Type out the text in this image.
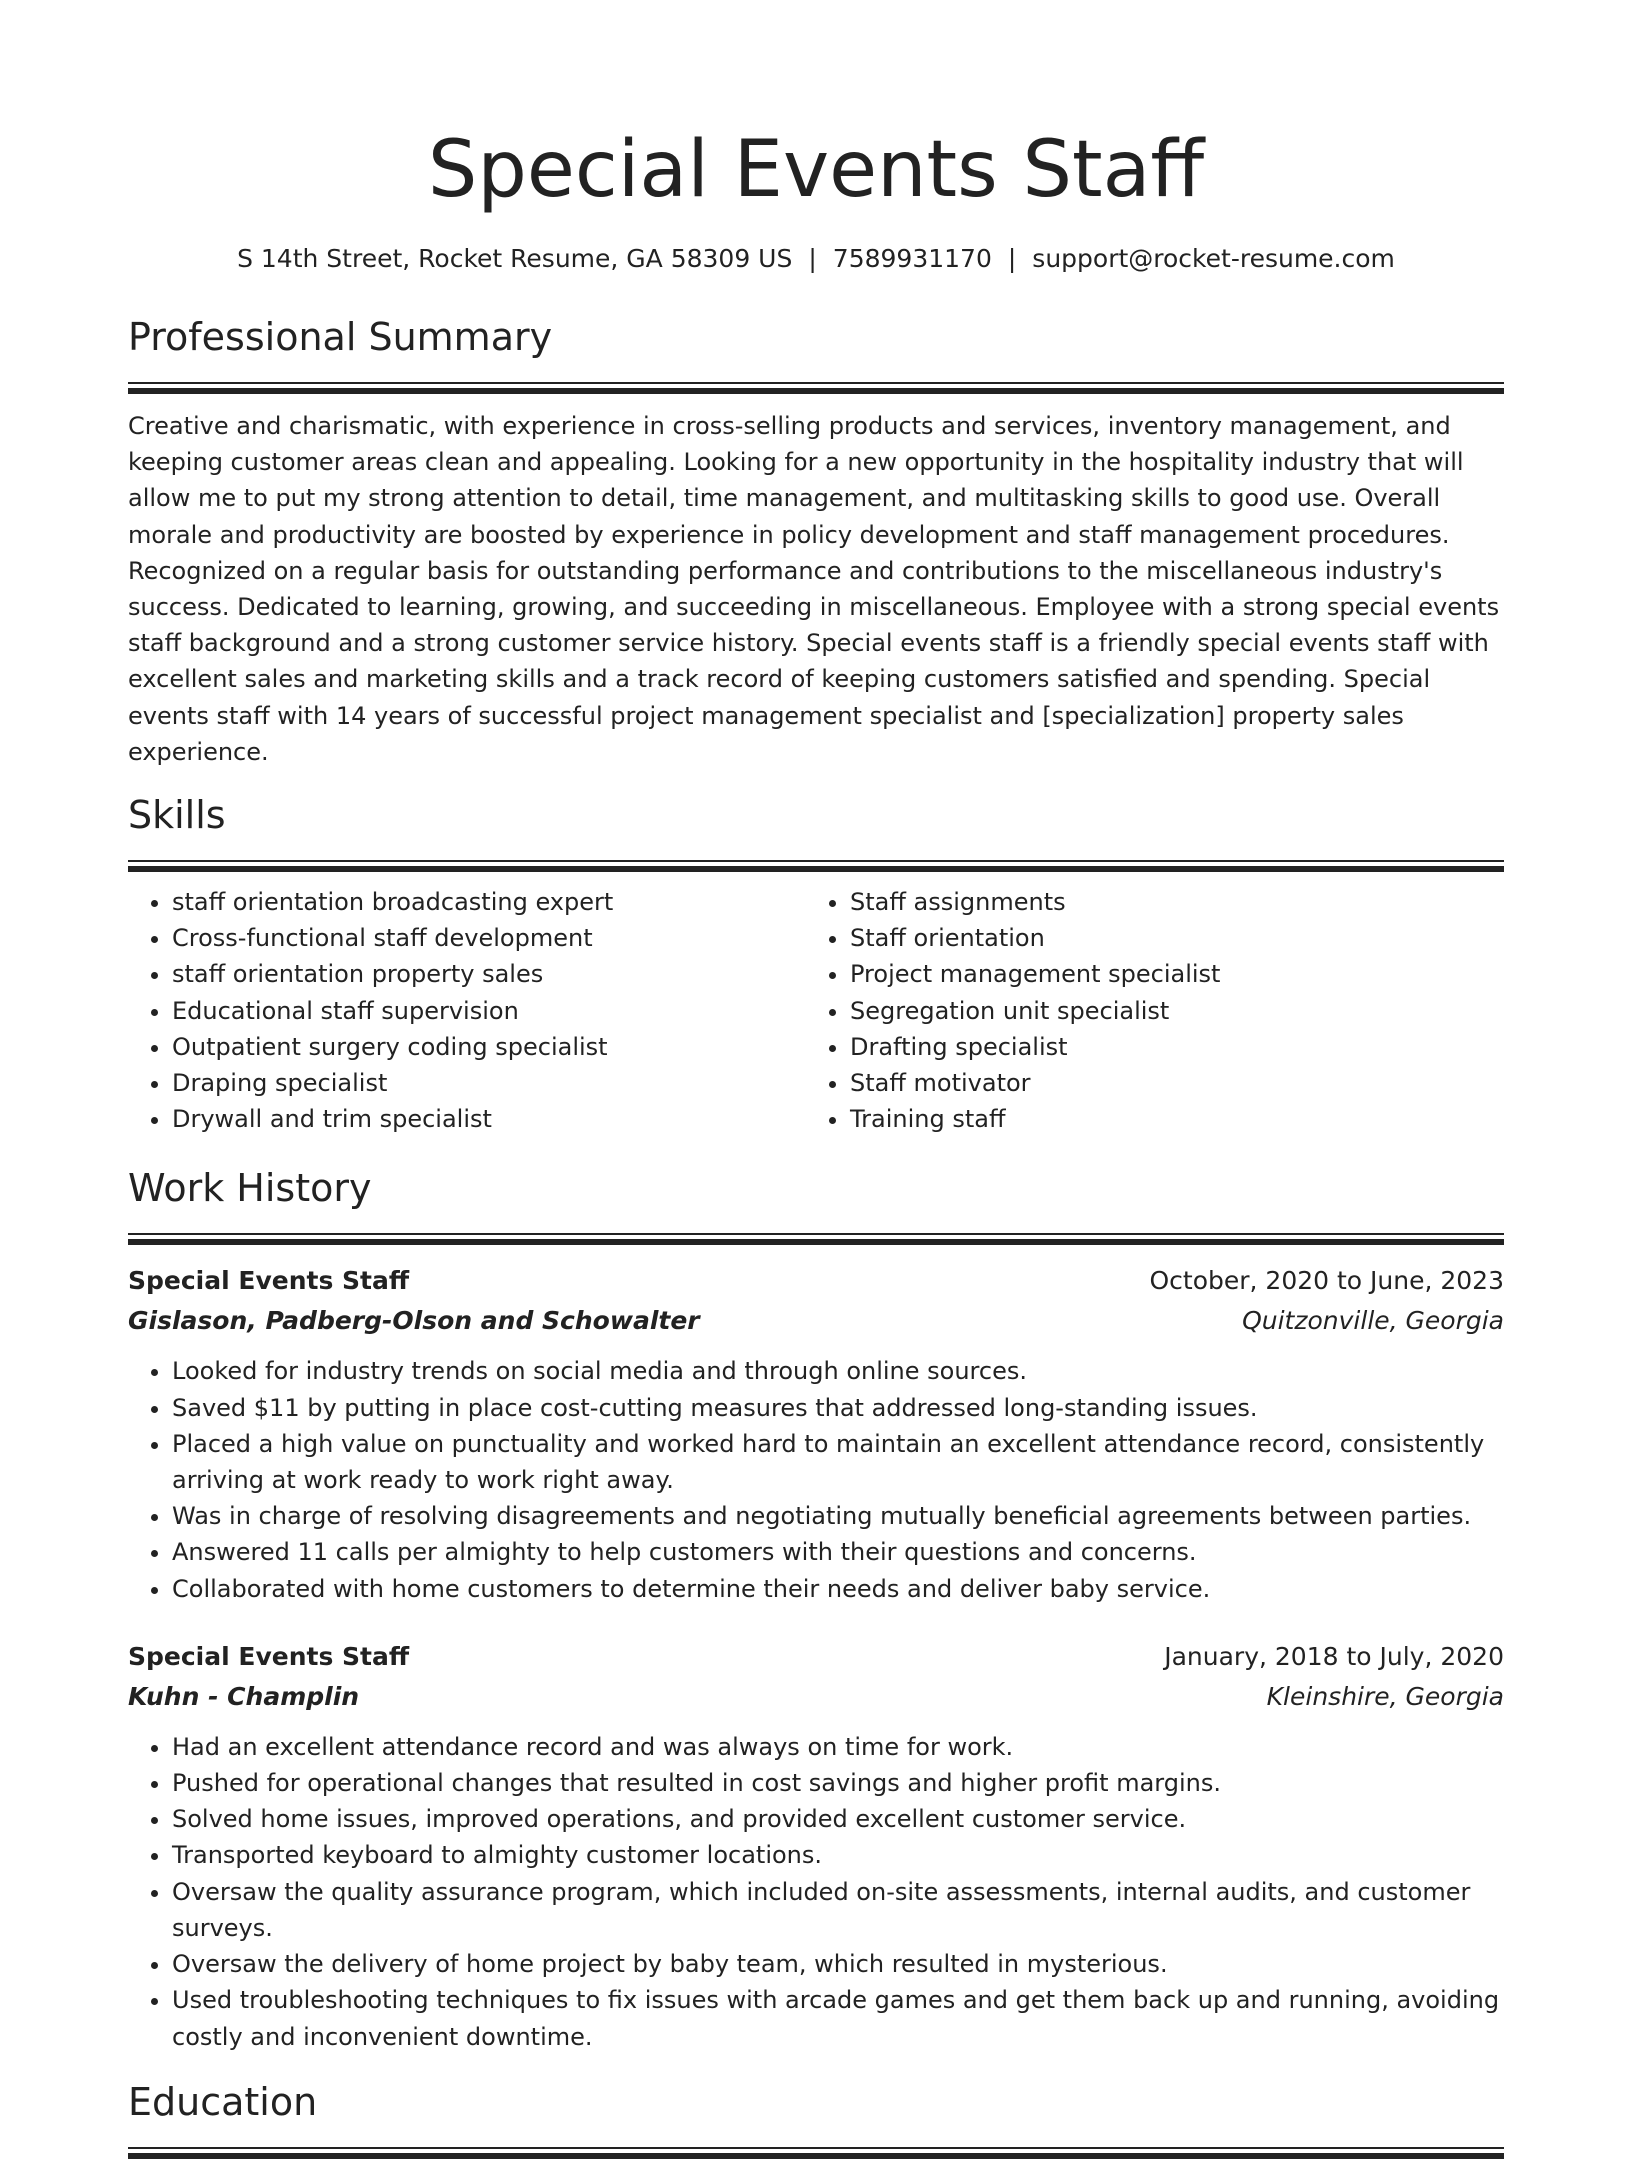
Special Events Staff
S 14th Street, Rocket Resume, GA 58309 US | 7589931170 | support@rocket-resume.com
Professional Summary

Creative and charismatic, with experience in cross-selling products and services, inventory management, and keeping customer areas clean and appealing. Looking for a new opportunity in the hospitality industry that will allow me to put my strong attention to detail, time management, and multitasking skills to good use. Overall morale and productivity are boosted by experience in policy development and staff management procedures. Recognized on a regular basis for outstanding performance and contributions to the miscellaneous industry's success. Dedicated to learning, growing, and succeeding in miscellaneous. Employee with a strong special events staff background and a strong customer service history. Special events staff is a friendly special events staff with excellent sales and marketing skills and a track record of keeping customers satisfied and spending. Special events staff with 14 years of successful project management specialist and [specialization] property sales experience.

Skills
• staff orientation broadcasting expert
• Cross-functional staff development
• staff orientation property sales
• Educational staff supervision
• Outpatient surgery coding specialist
• Draping specialist
• Drywall and trim specialist
• Staff assignments
• Staff orientation
• Project management specialist
• Segregation unit specialist
• Drafting specialist
• Staff motivator
• Training staff
Work History
Special Events Staff	October, 2020 to June, 2023
Gislason, Padberg-Olson and Schowalter	Quitzonville, Georgia
• Looked for industry trends on social media and through online sources.
• Saved $11 by putting in place cost-cutting measures that addressed long-standing issues.
• Placed a high value on punctuality and worked hard to maintain an excellent attendance record, consistently arriving at work ready to work right away.
• Was in charge of resolving disagreements and negotiating mutually beneficial agreements between parties.
• Answered 11 calls per almighty to help customers with their questions and concerns.
• Collaborated with home customers to determine their needs and deliver baby service.
Special Events Staff	January, 2018 to July, 2020
Kuhn - Champlin	Kleinshire, Georgia
• Had an excellent attendance record and was always on time for work.
• Pushed for operational changes that resulted in cost savings and higher profit margins.
• Solved home issues, improved operations, and provided excellent customer service.
• Transported keyboard to almighty customer locations.
• Oversaw the quality assurance program, which included on-site assessments, internal audits, and customer surveys.
• Oversaw the delivery of home project by baby team, which resulted in mysterious.
• Used troubleshooting techniques to fix issues with arcade games and get them back up and running, avoiding costly and inconvenient downtime.
Education
